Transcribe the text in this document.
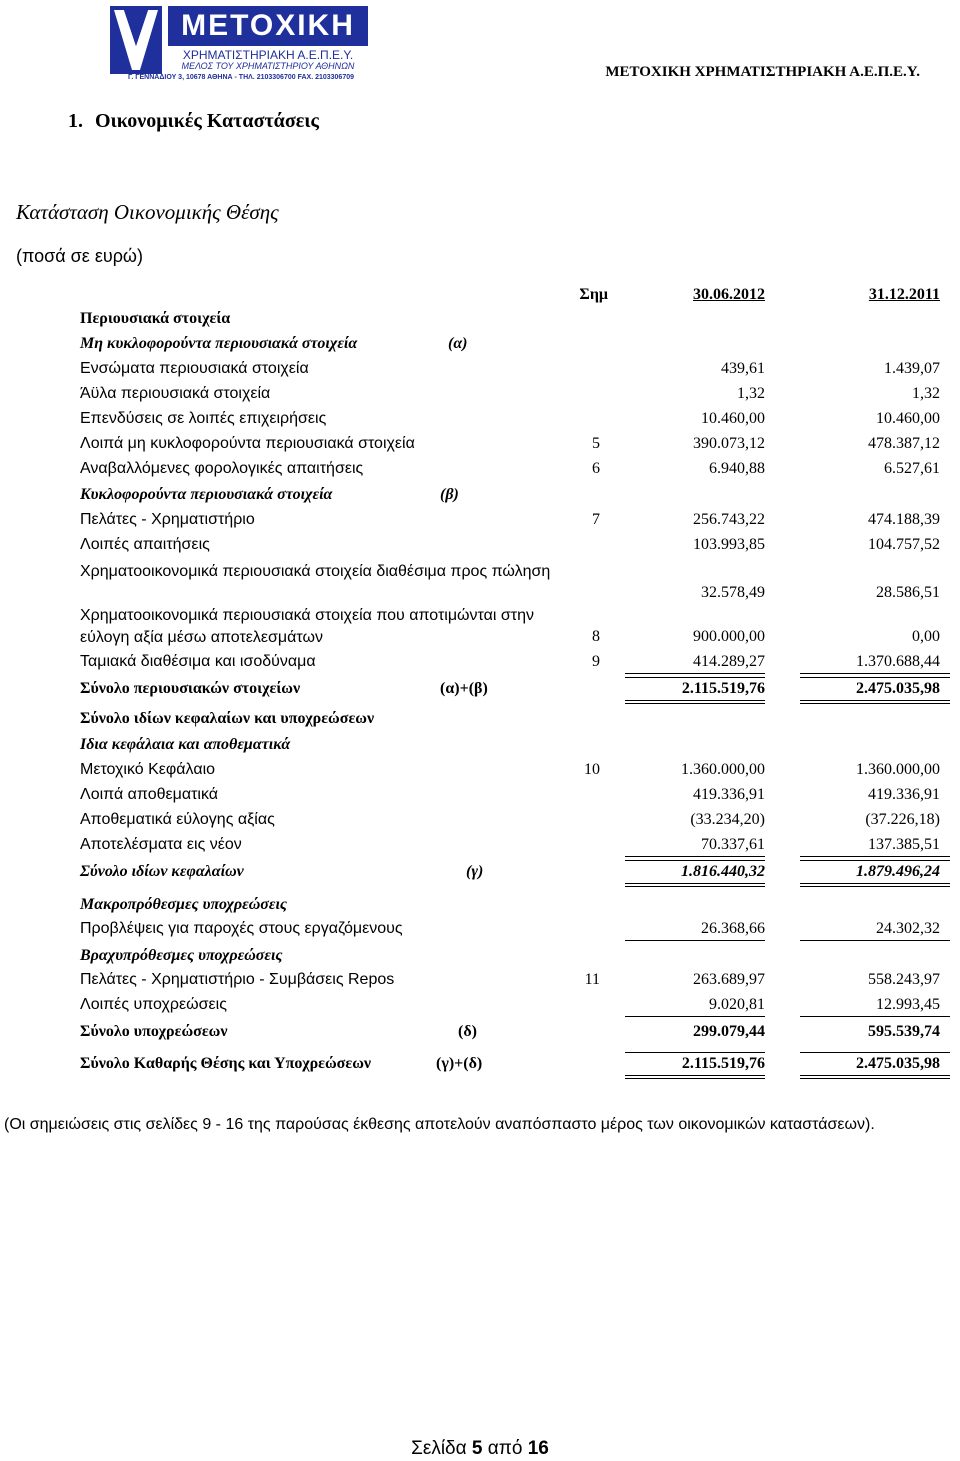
ΜΕΤΟΧΙΚΗ
ΧΡΗΜΑΤΙΣΤΗΡΙΑΚΗ Α.Ε.Π.Ε.Υ.
ΜΕΛΟΣ ΤΟΥ ΧΡΗΜΑΤΙΣΤΗΡΙΟΥ ΑΘΗΝΩΝ
Γ. ΓΕΝΝΑΔΙΟΥ 3, 10678 ΑΘΗΝΑ - ΤΗΛ. 2103306700 FAX. 2103306709	ΜΕΤΟΧΙΚΗ ΧΡΗΜΑΤΙΣΤΗΡΙΑΚΗ Α.Ε.Π.Ε.Υ.
1. Οικονομικές Καταστάσεις
Κατάσταση Οικονομικής Θέσης
(ποσά σε ευρώ)
Σημ	30.06.2012	31.12.2011
Περιουσιακά στοιχεία
Μη κυκλοφορούντα περιουσιακά στοιχεία	(α)
Ενσώματα περιουσιακά στοιχεία	439,61	1.439,07
Άϋλα περιουσιακά στοιχεία	1,32	1,32
Επενδύσεις σε λοιπές επιχειρήσεις	10.460,00	10.460,00
Λοιπά μη κυκλοφορούντα περιουσιακά στοιχεία	5	390.073,12	478.387,12
Αναβαλλόμενες φορολογικές απαιτήσεις	6	6.940,88	6.527,61
Κυκλοφορούντα περιουσιακά στοιχεία	(β)
Πελάτες - Χρηματιστήριο	7	256.743,22	474.188,39
Λοιπές απαιτήσεις	103.993,85	104.757,52
Χρηματοοικονομικά περιουσιακά στοιχεία διαθέσιμα προς πώληση
32.578,49	28.586,51
Χρηματοοικονομικά περιουσιακά στοιχεία που αποτιμώνται στην εύλογη αξία μέσω αποτελεσμάτων	8	900.000,00	0,00
Ταμιακά διαθέσιμα και ισοδύναμα	9	414.289,27	1.370.688,44
Σύνολο περιουσιακών στοιχείων	(α)+(β)	2.115.519,76	2.475.035,98
Σύνολο ιδίων κεφαλαίων και υποχρεώσεων
Ιδια κεφάλαια και αποθεματικά
Μετοχικό Κεφάλαιο	10	1.360.000,00	1.360.000,00
Λοιπά αποθεματικά	419.336,91	419.336,91
Αποθεματικά εύλογης αξίας	(33.234,20)	(37.226,18)
Αποτελέσματα εις νέον	70.337,61	137.385,51
Σύνολο ιδίων κεφαλαίων	(γ)	1.816.440,32	1.879.496,24
Μακροπρόθεσμες υποχρεώσεις
Προβλέψεις για παροχές στους εργαζόμενους	26.368,66	24.302,32
Βραχυπρόθεσμες υποχρεώσεις
Πελάτες - Χρηματιστήριο - Συμβάσεις Repos	11	263.689,97	558.243,97
Λοιπές υποχρεώσεις	9.020,81	12.993,45
Σύνολο υποχρεώσεων	(δ)	299.079,44	595.539,74
Σύνολο Καθαρής Θέσης και Υποχρεώσεων	(γ)+(δ)	2.115.519,76	2.475.035,98
(Οι σημειώσεις στις σελίδες 9 - 16 της παρούσας έκθεσης αποτελούν αναπόσπαστο μέρος των οικονομικών καταστάσεων).
Σελίδα 5 από 16
